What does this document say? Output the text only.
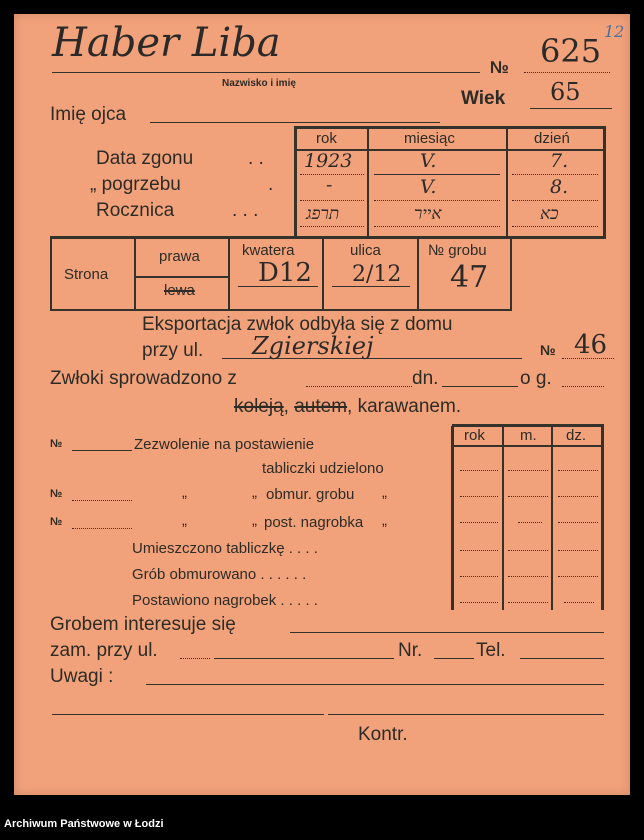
Haber Liba
Nazwisko i imię
№ 625
12
Wiek 65
Imię ojca
rok	miesiąc	dzień
Data zgonu	. . 1923	V.	7.
„ pogrzebu	.	-	V.	8.
Rocznica	. . .	תרפג	אייר	כא
Strona
prawa
lewa
kwatera
D12
ulica
2/12
№ grobu
47
Eksportacja zwłok odbyła się z domu
przy ul. Zgierskiej	№ 46
Zwłoki sprowadzono z	dn.	o g.
koleją, autem, karawanem.
№	Zezwolenie na postawienie
tabliczki udzielono
№	„	„ obmur. grobu „
№	„	„ post. nagrobka „
Umieszczono tabliczkę . . . .
Grób obmurowano . . . . . .
Postawiono nagrobek . . . . .
rok m. dz.
Grobem interesuje się
zam. przy ul.	Nr.	Tel.
Uwagi :
Kontr.
Archiwum Państwowe w Łodzi
